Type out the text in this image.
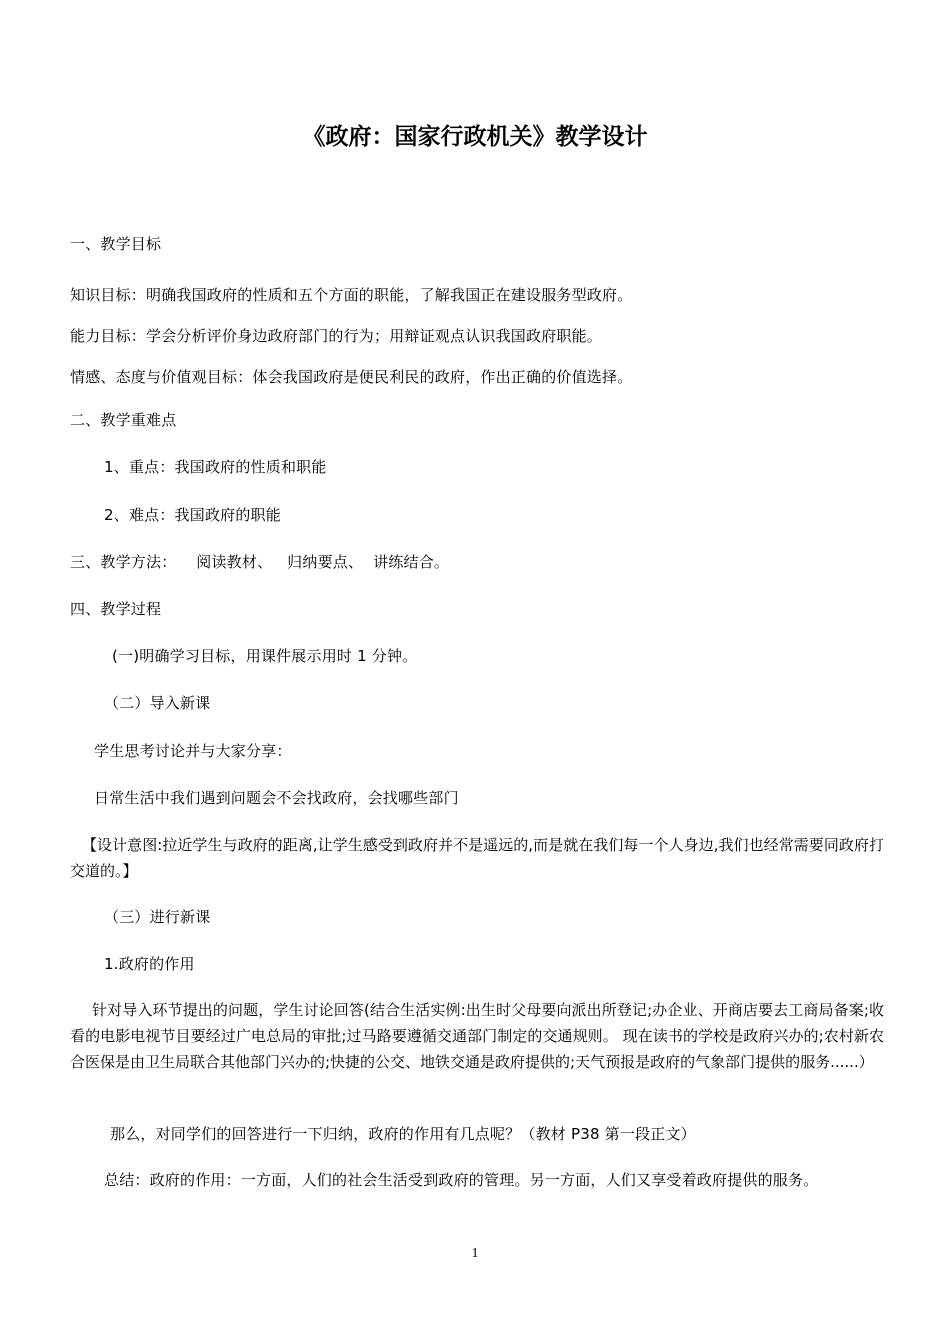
《政府：国家行政机关》教学设计
一、教学目标
知识目标：明确我国政府的性质和五个方面的职能，了解我国正在建设服务型政府。
能力目标：学会分析评价身边政府部门的行为；用辩证观点认识我国政府职能。
情感、态度与价值观目标：体会我国政府是便民利民的政府，作出正确的价值选择。
二、教学重难点
1、重点：我国政府的性质和职能
2、难点：我国政府的职能
三、教学方法：    阅读教材、   归纳要点、  讲练结合。
四、教学过程
(一)明确学习目标，用课件展示用时 1 分钟。
（二）导入新课
学生思考讨论并与大家分享：
日常生活中我们遇到问题会不会找政府，会找哪些部门
【设计意图:拉近学生与政府的距离,让学生感受到政府并不是遥远的,而是就在我们每一个人身边,我们也经常需要同政府打交道的。】
（三）进行新课
1.政府的作用
针对导入环节提出的问题，学生讨论回答(结合生活实例:出生时父母要向派出所登记;办企业、开商店要去工商局备案;收看的电影电视节目要经过广电总局的审批;过马路要遵循交通部门制定的交通规则。 现在读书的学校是政府兴办的;农村新农合医保是由卫生局联合其他部门兴办的;快捷的公交、地铁交通是政府提供的;天气预报是政府的气象部门提供的服务......）
那么，对同学们的回答进行一下归纳，政府的作用有几点呢？（教材 P38 第一段正文）
总结：政府的作用：一方面，人们的社会生活受到政府的管理。另一方面，人们又享受着政府提供的服务。
1
